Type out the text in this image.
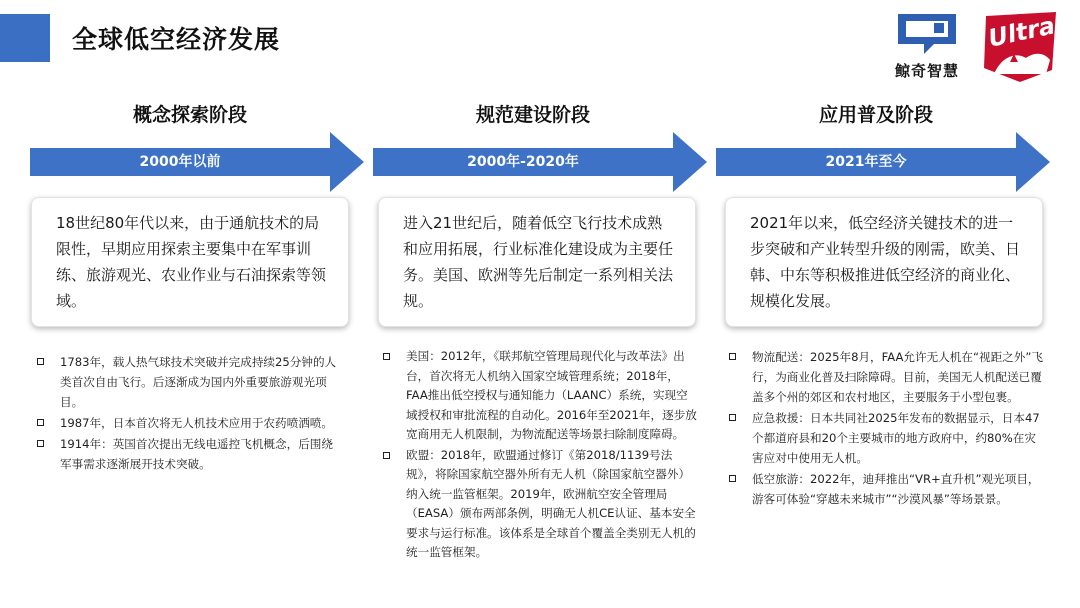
全球低空经济发展
鲸奇智慧
Ultra
概念探索阶段
2000年以前
规范建设阶段
2000年-2020年
应用普及阶段
2021年至今
18世纪80年代以来，由于通航技术的局限性，早期应用探索主要集中在军事训练、旅游观光、农业作业与石油探索等领域。
进入21世纪后，随着低空飞行技术成熟和应用拓展，行业标准化建设成为主要任务。美国、欧洲等先后制定一系列相关法规。
2021年以来，低空经济关键技术的进一步突破和产业转型升级的刚需，欧美、日韩、中东等积极推进低空经济的商业化、规模化发展。
1783年，载人热气球技术突破并完成持续25分钟的人类首次自由飞行。后逐渐成为国内外重要旅游观光项目。
1987年，日本首次将无人机技术应用于农药喷洒喷。
1914年：英国首次提出无线电遥控飞机概念，后围绕军事需求逐渐展开技术突破。
美国：2012年，《联邦航空管理局现代化与改革法》出台，首次将无人机纳入国家空域管理系统；2018年，FAA推出低空授权与通知能力（LAANC）系统，实现空域授权和审批流程的自动化。2016年至2021年，逐步放宽商用无人机限制，为物流配送等场景扫除制度障碍。
欧盟：2018年，欧盟通过修订《第2018/1139号法规》，将除国家航空器外所有无人机（除国家航空器外）纳入统一监管框架。2019年，欧洲航空安全管理局（EASA）颁布两部条例，明确无人机CE认证、基本安全要求与运行标准。该体系是全球首个覆盖全类别无人机的统一监管框架。
物流配送：2025年8月，FAA允许无人机在“视距之外”飞行，为商业化普及扫除障碍。目前，美国无人机配送已覆盖多个州的郊区和农村地区，主要服务于小型包裹。
应急救援：日本共同社2025年发布的数据显示，日本47个都道府县和20个主要城市的地方政府中，约80%在灾害应对中使用无人机。
低空旅游：2022年，迪拜推出“VR+直升机”观光项目，游客可体验“穿越未来城市”“沙漠风暴”等场景景。
